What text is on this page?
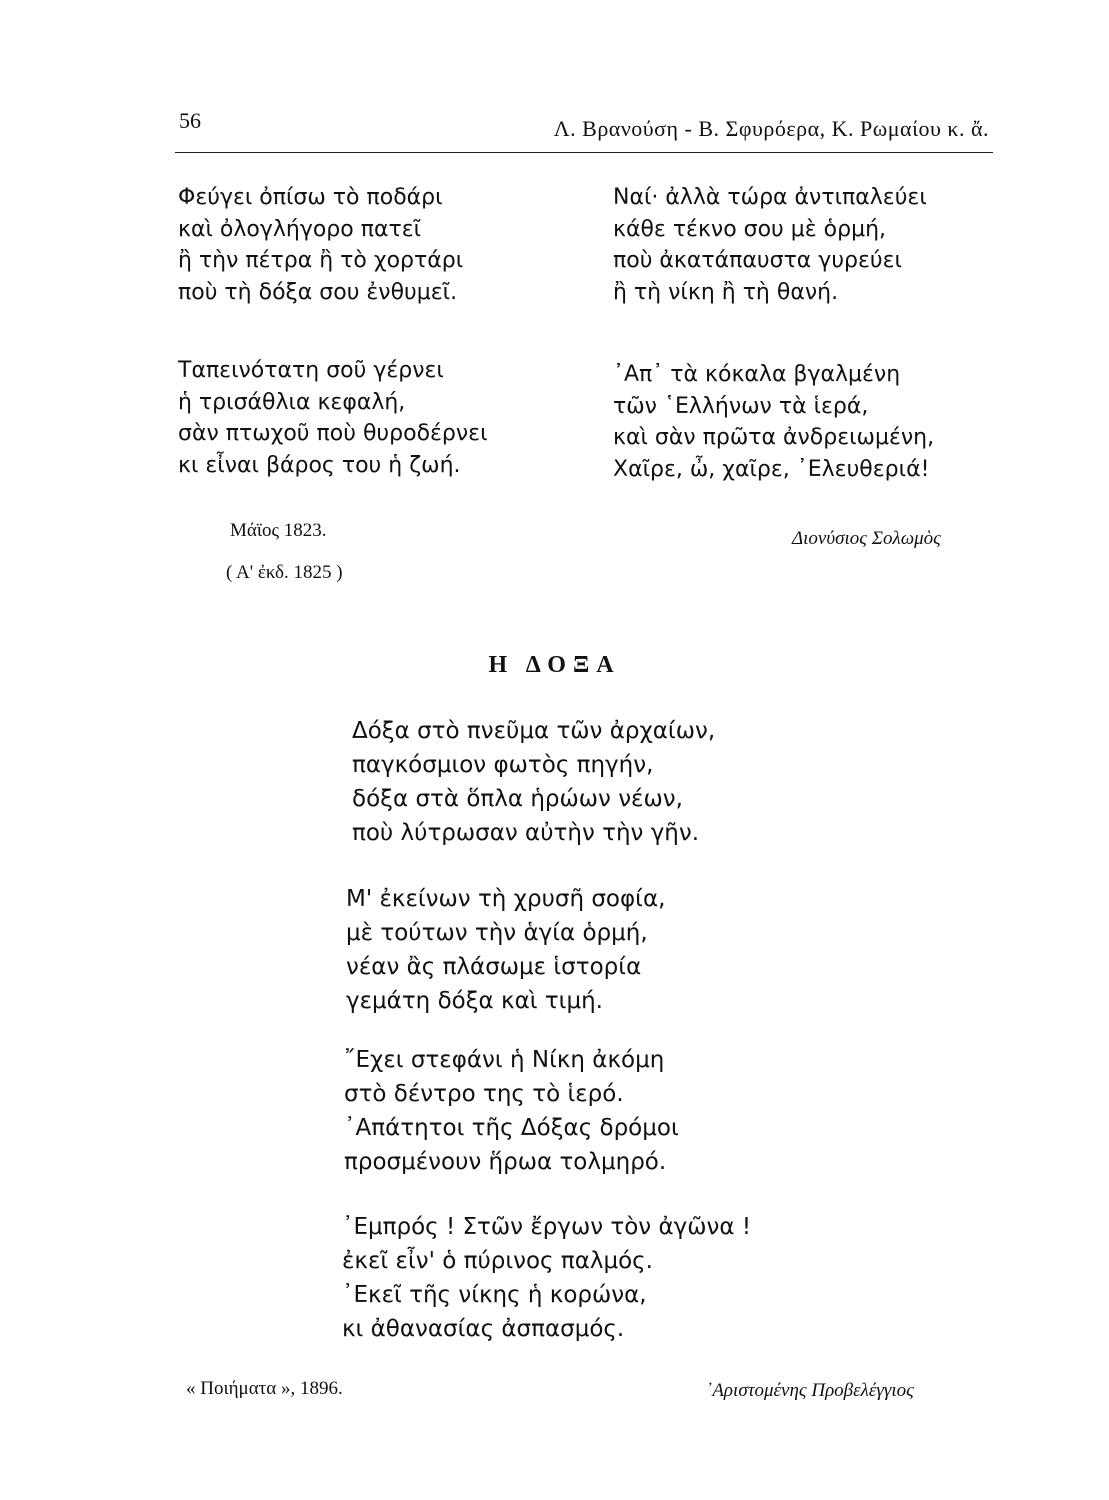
56	Λ. Βρανούση - Β. Σφυρόερα, Κ. Ρωμαίου κ. ἄ.
Φεύγει ὀπίσω τὸ ποδάρι
καὶ ὀλογλήγορο πατεῖ
ἢ τὴν πέτρα ἢ τὸ χορτάρι
ποὺ τὴ δόξα σου ἐνθυμεῖ.
Ταπεινότατη σοῦ γέρνει
ἡ τρισάθλια κεφαλή,
σὰν πτωχοῦ ποὺ θυροδέρνει
κι εἶναι βάρος του ἡ ζωή.
Ναί· ἀλλὰ τώρα ἀντιπαλεύει
κάθε τέκνο σου μὲ ὁρμή,
ποὺ ἀκατάπαυστα γυρεύει
ἢ τὴ νίκη ἢ τὴ θανή.
᾿Απ᾿ τὰ κόκαλα βγαλμένη
τῶν ῾Ελλήνων τὰ ἱερά,
καὶ σὰν πρῶτα ἀνδρειωμένη,
Χαῖρε, ὦ, χαῖρε, ᾿Ελευθεριά!
Μάϊος 1823.
( Α' ἐκδ. 1825 )
Διονύσιος Σολωμὸς
Η ΔΟΞΑ
Δόξα στὸ πνεῦμα τῶν ἀρχαίων,
παγκόσμιον φωτὸς πηγήν,
δόξα στὰ ὅπλα ἡρώων νέων,
ποὺ λύτρωσαν αὐτὴν τὴν γῆν.
Μ' ἐκείνων τὴ χρυσῆ σοφία,
μὲ τούτων τὴν ἁγία ὁρμή,
νέαν ἂς πλάσωμε ἱστορία
γεμάτη δόξα καὶ τιμή.
῎Εχει στεφάνι ἡ Νίκη ἀκόμη
στὸ δέντρο της τὸ ἱερό.
᾿Απάτητοι τῆς Δόξας δρόμοι
προσμένουν ἥρωα τολμηρό.
᾿Εμπρός ! Στῶν ἔργων τὸν ἀγῶνα !
ἐκεῖ εἶν' ὁ πύρινος παλμός.
᾿Εκεῖ τῆς νίκης ἡ κορώνα,
κι ἀθανασίας ἀσπασμός.
« Ποιήματα », 1896.	᾿Αριστομένης Προβελέγγιος
